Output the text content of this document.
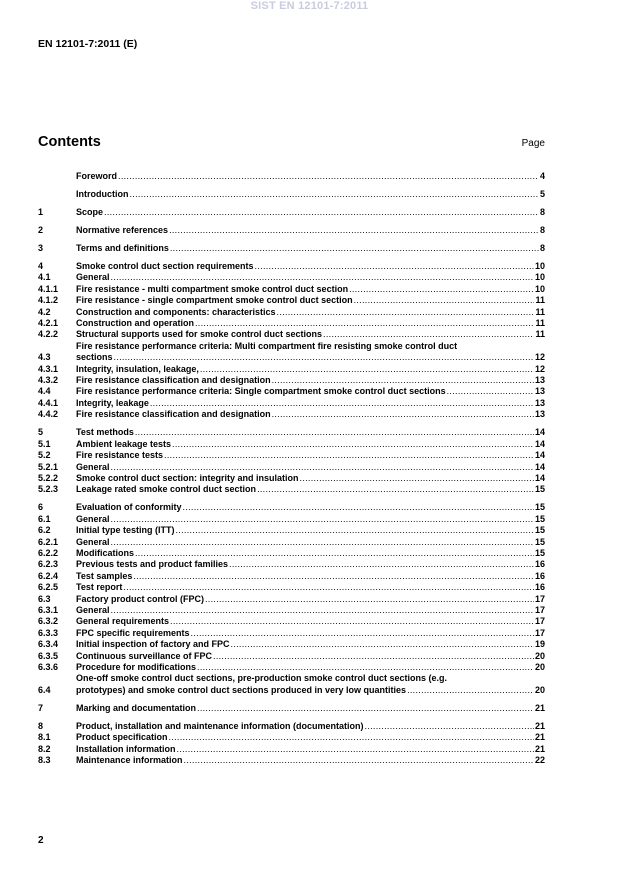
SIST EN 12101-7:2011
EN 12101-7:2011 (E)
Contents	Page
Foreword .....	4
Introduction .....	5
1	Scope .....	8
2	Normative references .....	8
3	Terms and definitions .....	8
4	Smoke control duct section requirements .....	10
4.1	General .....	10
4.1.1	Fire resistance - multi compartment smoke control duct section .....	10
4.1.2	Fire resistance - single compartment smoke control duct section .....	11
4.2	Construction and components: characteristics .....	11
4.2.1	Construction and operation .....	11
4.2.2	Structural supports used for smoke control duct sections .....	11
4.3
Fire resistance performance criteria: Multi compartment fire resisting smoke control duct
sections .....	12
4.3.1	Integrity, insulation, leakage, .....	12
4.3.2	Fire resistance classification and designation .....	13
4.4	Fire resistance performance criteria: Single compartment smoke control duct sections .....	13
4.4.1	Integrity, leakage .....	13
4.4.2	Fire resistance classification and designation .....	13
5	Test methods .....	14
5.1	Ambient leakage tests .....	14
5.2	Fire resistance tests .....	14
5.2.1	General .....	14
5.2.2	Smoke control duct section: integrity and insulation .....	14
5.2.3	Leakage rated smoke control duct section .....	15
6	Evaluation of conformity .....	15
6.1	General .....	15
6.2	Initial type testing (ITT) .....	15
6.2.1	General .....	15
6.2.2	Modifications .....	15
6.2.3	Previous tests and product families .....	16
6.2.4	Test samples .....	16
6.2.5	Test report .....	16
6.3	Factory product control (FPC) .....	17
6.3.1	General .....	17
6.3.2	General requirements .....	17
6.3.3	FPC specific requirements .....	17
6.3.4	Initial inspection of factory and FPC .....	19
6.3.5	Continuous surveillance of FPC .....	20
6.3.6	Procedure for modifications .....	20
6.4
One-off smoke control duct sections, pre-production smoke control duct sections (e.g.
prototypes) and smoke control duct sections produced in very low quantities .....	20
7	Marking and documentation .....	21
8	Product, installation and maintenance information (documentation) .....	21
8.1	Product specification .....	21
8.2	Installation information .....	21
8.3	Maintenance information .....	22
2
